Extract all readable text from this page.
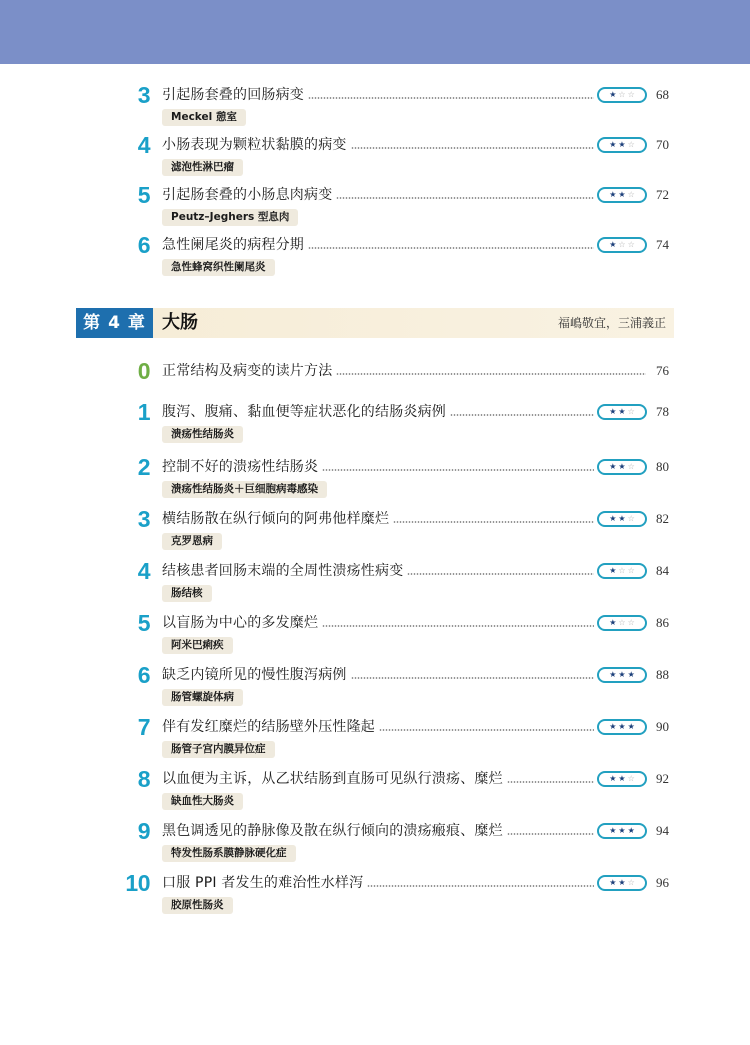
3 引起肠套叠的回肠病变	★ ☆ ☆ 68
Meckel 憩室
4 小肠表现为颗粒状黏膜的病变	★ ★ ☆ 70
滤泡性淋巴瘤
5 引起肠套叠的小肠息肉病变	★ ★ ☆ 72
Peutz–Jeghers 型息肉
6 急性阑尾炎的病程分期	★ ☆ ☆ 74
急性蜂窝织性阑尾炎
第 4 章 大肠	福嶋敬宜，三浦義正
0 正常结构及病变的读片方法	76
1 腹泻、腹痛、黏血便等症状恶化的结肠炎病例	★ ★ ☆ 78
溃疡性结肠炎
2 控制不好的溃疡性结肠炎	★ ★ ☆ 80
溃疡性结肠炎＋巨细胞病毒感染
3 横结肠散在纵行倾向的阿弗他样糜烂	★ ★ ☆ 82
克罗恩病
4 结核患者回肠末端的全周性溃疡性病变	★ ☆ ☆ 84
肠结核
5 以盲肠为中心的多发糜烂	★ ☆ ☆ 86
阿米巴痢疾
6 缺乏内镜所见的慢性腹泻病例	★ ★ ★ 88
肠管螺旋体病
7 伴有发红糜烂的结肠壁外压性隆起	★ ★ ★ 90
肠管子宫内膜异位症
8 以血便为主诉，从乙状结肠到直肠可见纵行溃疡、糜烂	★ ★ ☆ 92
缺血性大肠炎
9 黑色调透见的静脉像及散在纵行倾向的溃疡瘢痕、糜烂	★ ★ ★ 94
特发性肠系膜静脉硬化症
10 口服 PPI 者发生的难治性水样泻	★ ★ ☆ 96
胶原性肠炎
